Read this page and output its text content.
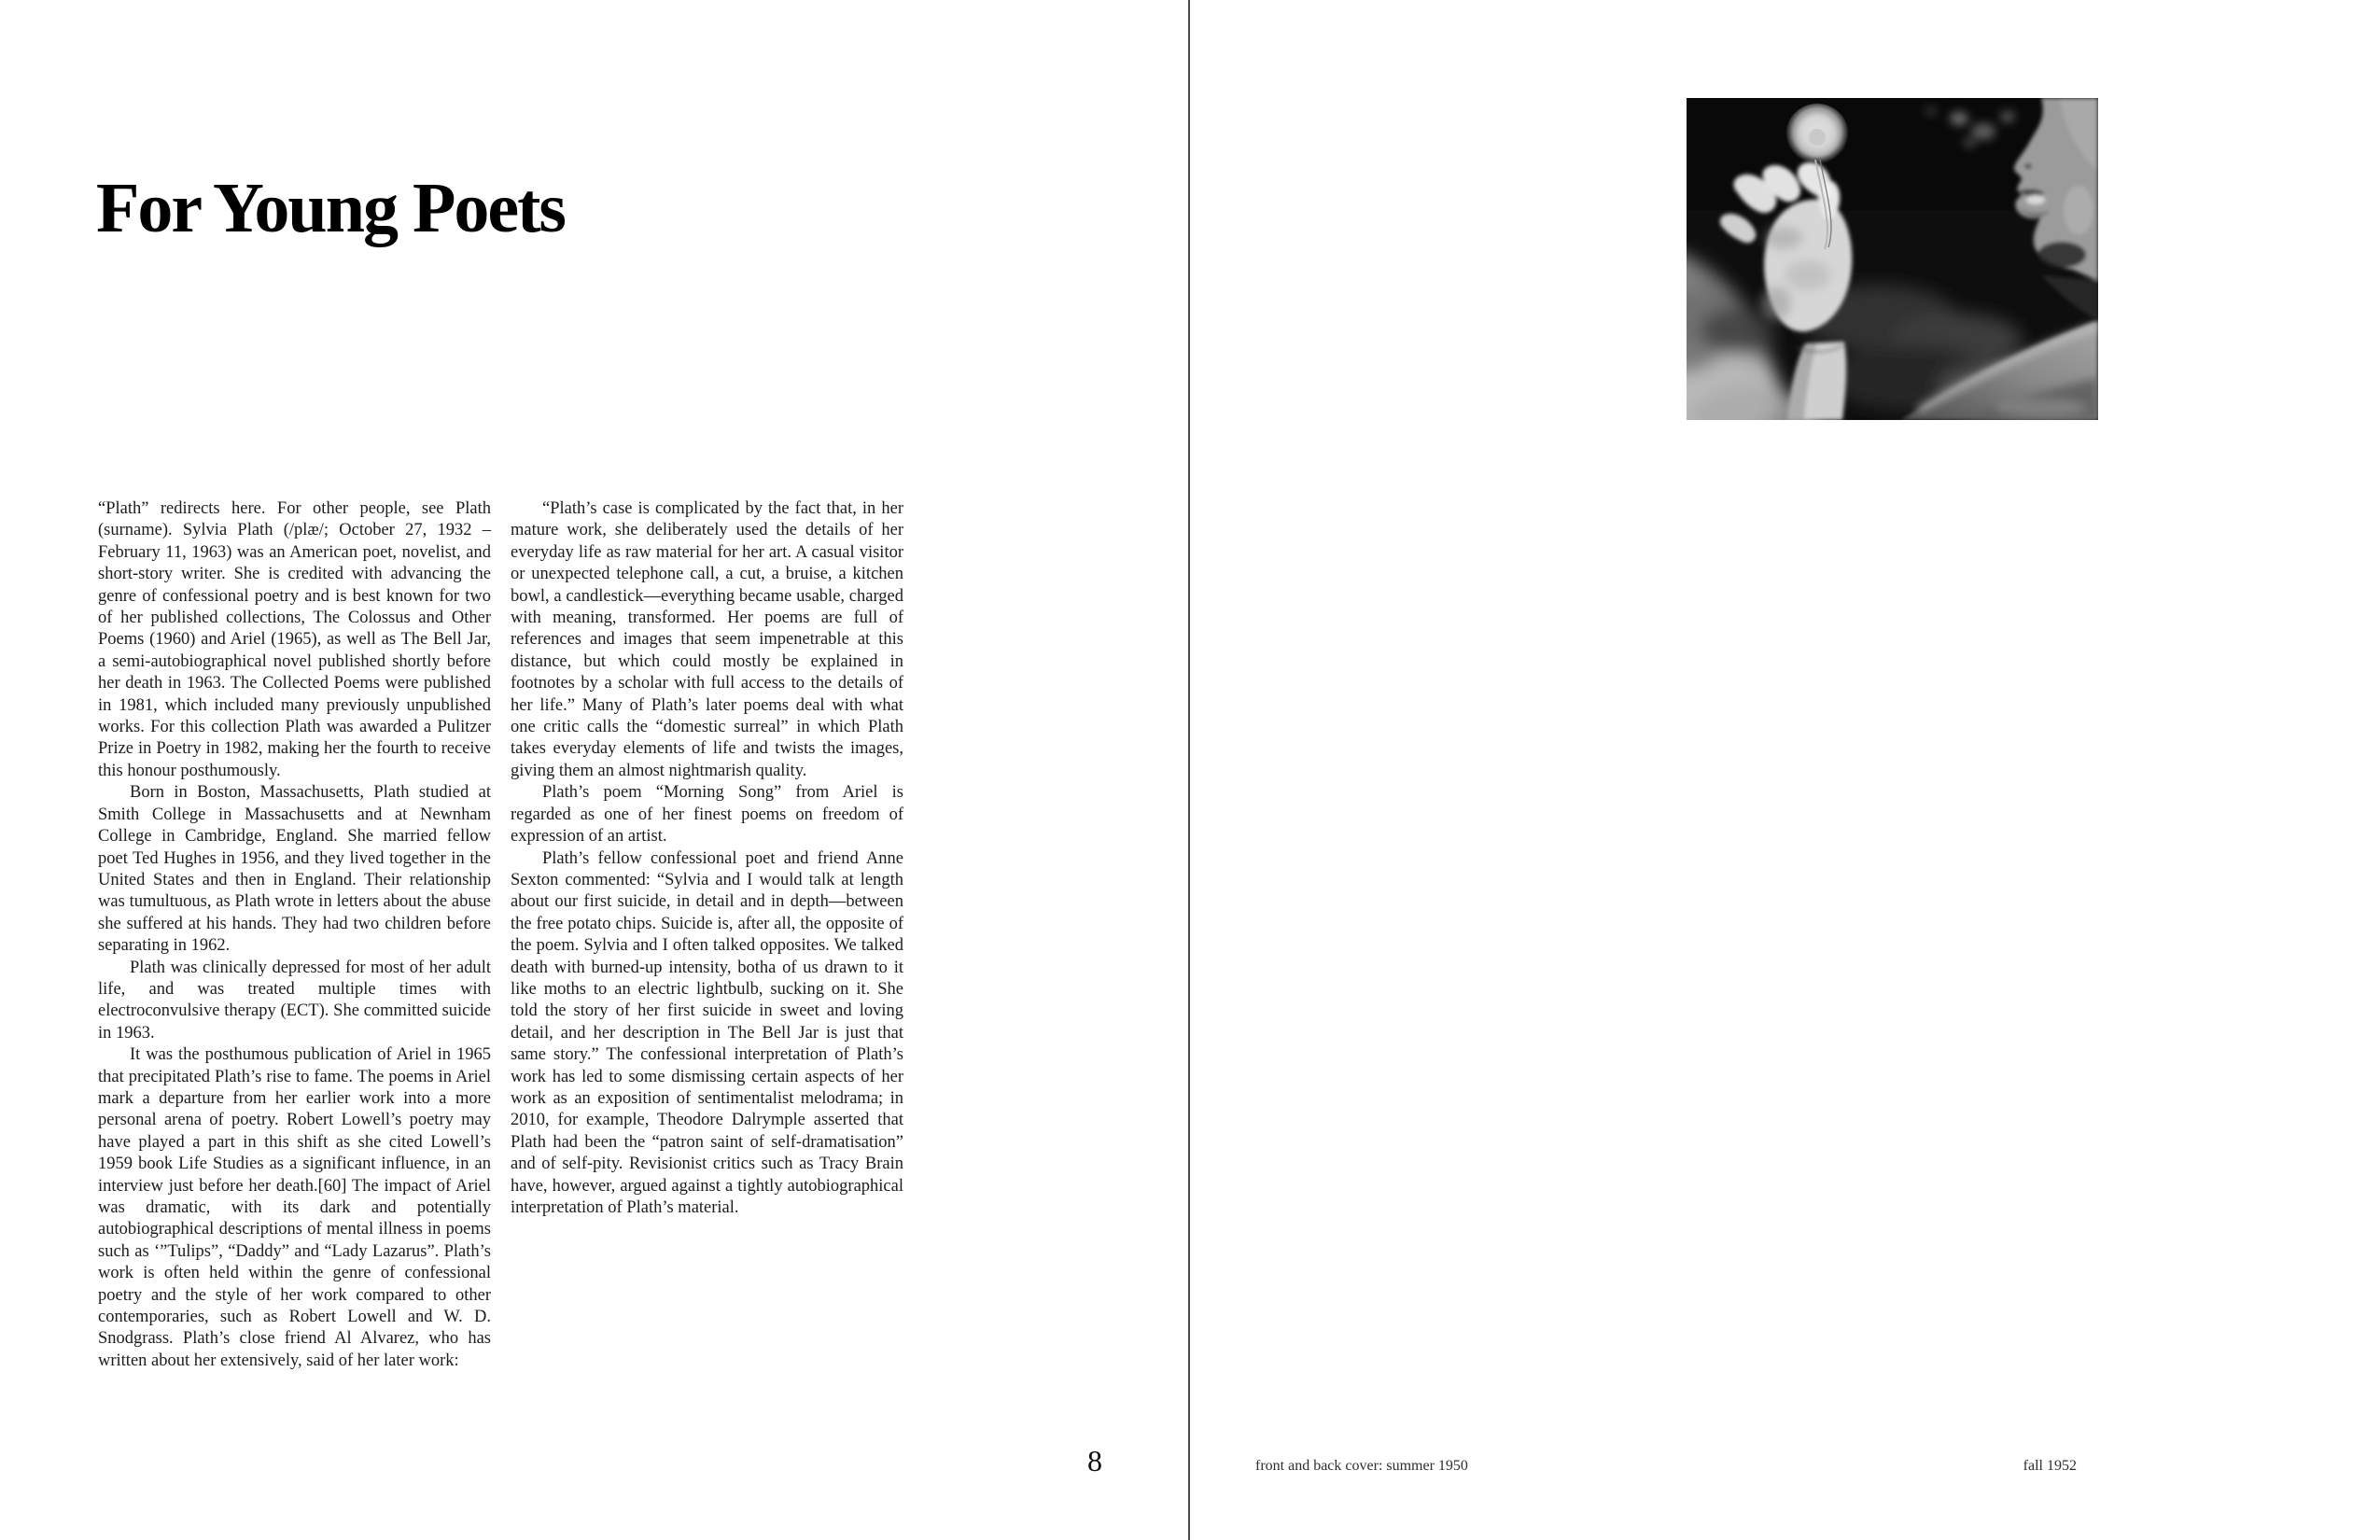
For Young Poets

“Plath” redirects here. For other people, see Plath (surname). Sylvia Plath (/plæ/; October 27, 1932 – February 11, 1963) was an American poet, novelist, and short-story writer. She is credited with advancing the genre of confessional poetry and is best known for two of her published collections, The Colossus and Other Poems (1960) and Ariel (1965), as well as The Bell Jar, a semi-autobiographical novel published shortly before her death in 1963. The Collected Poems were published in 1981, which included many previously unpublished works. For this collection Plath was awarded a Pulitzer Prize in Poetry in 1982, making her the fourth to receive this honour posthumously.

Born in Boston, Massachusetts, Plath studied at Smith College in Massachusetts and at Newnham College in Cambridge, England. She married fellow poet Ted Hughes in 1956, and they lived together in the United States and then in England. Their relationship was tumultuous, as Plath wrote in letters about the abuse she suffered at his hands. They had two children before separating in 1962.

Plath was clinically depressed for most of her adult life, and was treated multiple times with electroconvulsive therapy (ECT). She committed suicide in 1963.

It was the posthumous publication of Ariel in 1965 that precipitated Plath’s rise to fame. The poems in Ariel mark a departure from her earlier work into a more personal arena of poetry. Robert Lowell’s poetry may have played a part in this shift as she cited Lowell’s 1959 book Life Studies as a significant influence, in an interview just before her death.[60] The impact of Ariel was dramatic, with its dark and potentially autobiographical descriptions of mental illness in poems such as ‘”Tulips”, “Daddy” and “Lady Lazarus”. Plath’s work is often held within the genre of confessional poetry and the style of her work compared to other contemporaries, such as Robert Lowell and W. D. Snodgrass. Plath’s close friend Al Alvarez, who has written about her extensively, said of her later work:

“Plath’s case is complicated by the fact that, in her mature work, she deliberately used the details of her everyday life as raw material for her art. A casual visitor or unexpected telephone call, a cut, a bruise, a kitchen bowl, a candlestick—everything became usable, charged with meaning, transformed. Her poems are full of references and images that seem impenetrable at this distance, but which could mostly be explained in footnotes by a scholar with full access to the details of her life.” Many of Plath’s later poems deal with what one critic calls the “domestic surreal” in which Plath takes everyday elements of life and twists the images, giving them an almost nightmarish quality.

Plath’s poem “Morning Song” from Ariel is regarded as one of her finest poems on freedom of expression of an artist.

Plath’s fellow confessional poet and friend Anne Sexton commented: “Sylvia and I would talk at length about our first suicide, in detail and in depth—between the free potato chips. Suicide is, after all, the opposite of the poem. Sylvia and I often talked opposites. We talked death with burned-up intensity, botha of us drawn to it like moths to an electric lightbulb, sucking on it. She told the story of her first suicide in sweet and loving detail, and her description in The Bell Jar is just that same story.” The confessional interpretation of Plath’s work has led to some dismissing certain aspects of her work as an exposition of sentimentalist melodrama; in 2010, for example, Theodore Dalrymple asserted that Plath had been the “patron saint of self-dramatisation” and of self-pity. Revisionist critics such as Tracy Brain have, however, argued against a tightly autobiographical interpretation of Plath’s material.

8	front and back cover: summer 1950	fall 1952
